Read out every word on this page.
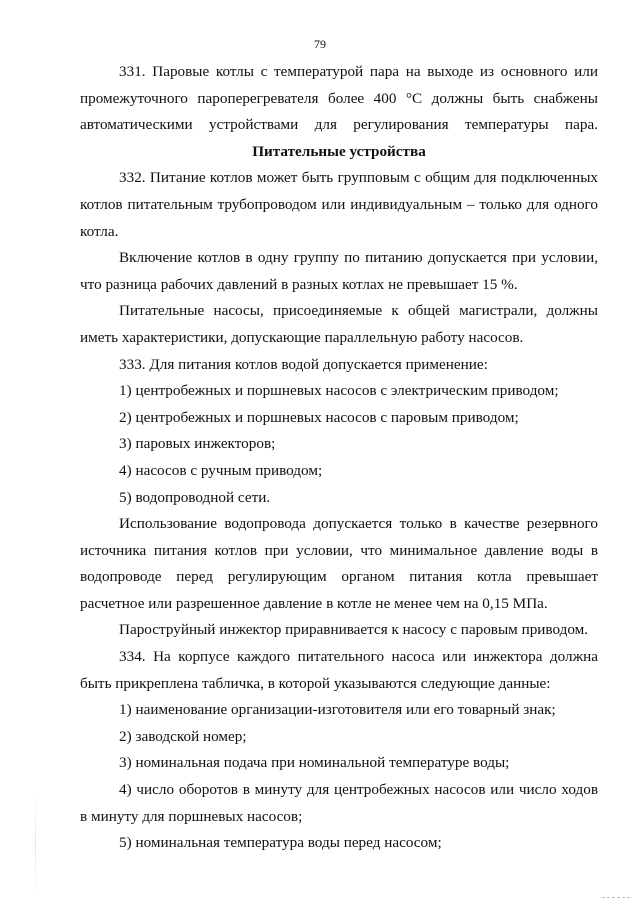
79

331. Паровые котлы с температурой пара на выходе из основного или промежуточного пароперегревателя более 400 °С должны быть снабжены автоматическими устройствами для регулирования температуры пара.

Питательные устройства

332. Питание котлов может быть групповым с общим для подключенных котлов питательным трубопроводом или индивидуальным – только для одного котла.

Включение котлов в одну группу по питанию допускается при условии, что разница рабочих давлений в разных котлах не превышает 15 %.

Питательные насосы, присоединяемые к общей магистрали, должны иметь характеристики, допускающие параллельную работу насосов.

333. Для питания котлов водой допускается применение:

1) центробежных и поршневых насосов с электрическим приводом;

2) центробежных и поршневых насосов с паровым приводом;

3) паровых инжекторов;

4) насосов с ручным приводом;

5) водопроводной сети.

Использование водопровода допускается только в качестве резервного источника питания котлов при условии, что минимальное давление воды в водопроводе перед регулирующим органом питания котла превышает расчетное или разрешенное давление в котле не менее чем на 0,15 МПа.

Пароструйный инжектор приравнивается к насосу с паровым приводом.

334. На корпусе каждого питательного насоса или инжектора должна быть прикреплена табличка, в которой указываются следующие данные:

1) наименование организации-изготовителя или его товарный знак;

2) заводской номер;

3) номинальная подача при номинальной температуре воды;

4) число оборотов в минуту для центробежных насосов или число ходов в минуту для поршневых насосов;

5) номинальная температура воды перед насосом;
